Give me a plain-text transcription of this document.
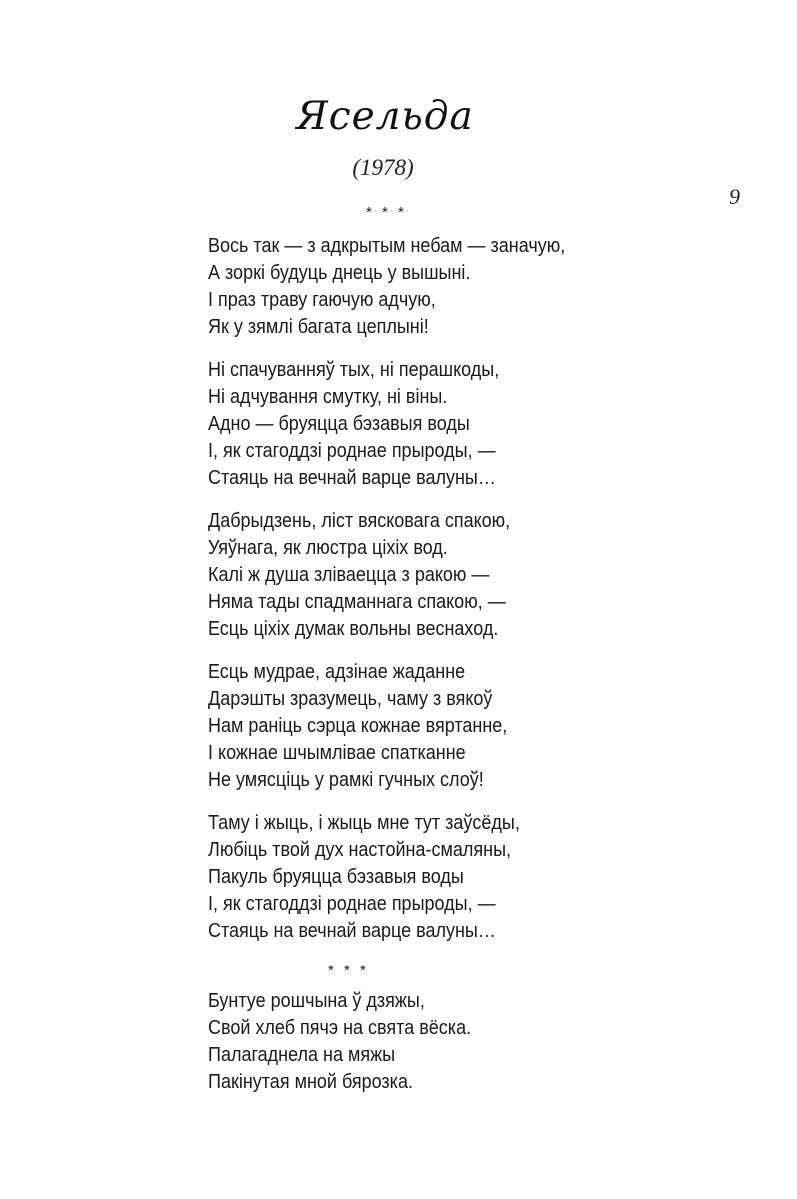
Ясельда
(1978)
9
* * *
Вось так — з адкрытым небам — заначую,
А зоркі будуць днець у вышыні.
І праз траву гаючую адчую,
Як у зямлі багата цеплыні!
Ні спачуванняў тых, ні перашкоды,
Ні адчування смутку, ні віны.
Адно — бруяцца бэзавыя воды
І, як стагоддзі роднае прыроды, —
Стаяць на вечнай варце валуны…
Дабрыдзень, ліст вясковага спакою,
Уяўнага, як люстра ціхіх вод.
Калі ж душа зліваецца з ракою —
Няма тады спадманнага спакою, —
Есць ціхіх думак вольны веснаход.
Есць мудрае, адзінае жаданне
Дарэшты зразумець, чаму з вякоў
Нам раніць сэрца кожнае вяртанне,
І кожнае шчымлівае спатканне
Не умясціць у рамкі гучных слоў!
Таму і жыць, і жыць мне тут заўсёды,
Любіць твой дух настойна-смаляны,
Пакуль бруяцца бэзавыя воды
І, як стагоддзі роднае прыроды, —
Стаяць на вечнай варце валуны…
* * *
Бунтуе рошчына ў дзяжы,
Свой хлеб пячэ на свята вёска.
Палагаднела на мяжы
Пакінутая мной бярозка.
